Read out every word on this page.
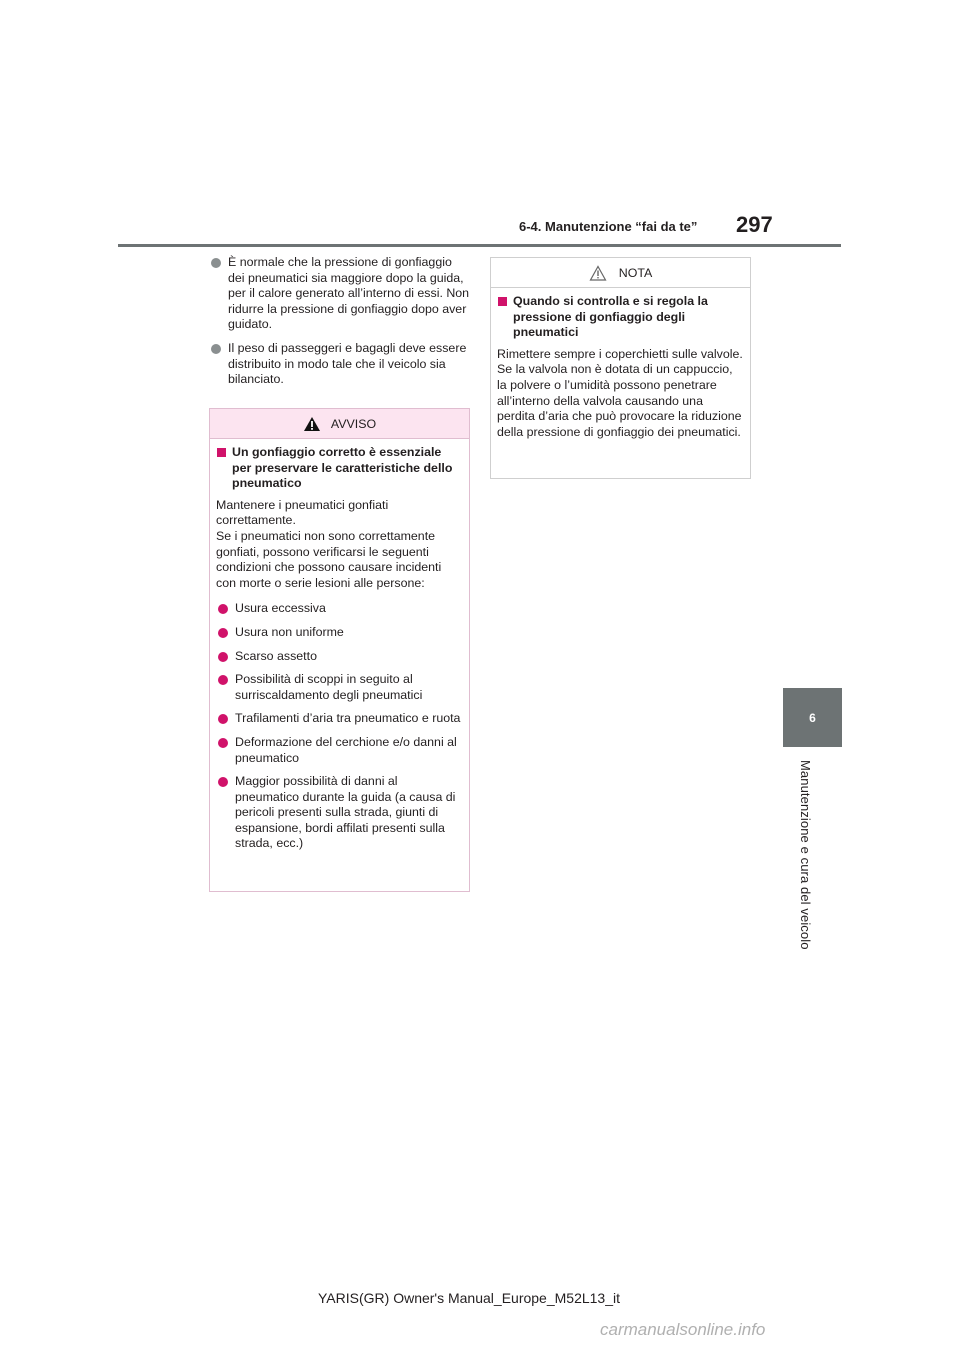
6-4. Manutenzione “fai da te” 297
6
Manutenzione e cura del veicolo
È normale che la pressione di gonfiaggio dei pneumatici sia maggiore dopo la guida, per il calore generato all’interno di essi. Non ridurre la pressione di gonfiaggio dopo aver guidato.
Il peso di passeggeri e bagagli deve essere distribuito in modo tale che il veicolo sia bilanciato.
AVVISO
Un gonfiaggio corretto è essenziale per preservare le caratteristiche dello pneumatico
Mantenere i pneumatici gonfiati correttamente.
Se i pneumatici non sono correttamente gonfiati, possono verificarsi le seguenti condizioni che possono causare incidenti con morte o serie lesioni alle persone:
Usura eccessiva
Usura non uniforme
Scarso assetto
Possibilità di scoppi in seguito al surriscaldamento degli pneumatici
Trafilamenti d’aria tra pneumatico e ruota
Deformazione del cerchione e/o danni al pneumatico
Maggior possibilità di danni al pneumatico durante la guida (a causa di pericoli presenti sulla strada, giunti di espansione, bordi affilati presenti sulla strada, ecc.)
NOTA
Quando si controlla e si regola la pressione di gonfiaggio degli pneumatici
Rimettere sempre i coperchietti sulle valvole.
Se la valvola non è dotata di un cappuccio, la polvere o l’umidità possono penetrare all’interno della valvola causando una perdita d’aria che può provocare la riduzione della pressione di gonfiaggio dei pneumatici.
YARIS(GR) Owner's Manual_Europe_M52L13_it
carmanualsonline.info
